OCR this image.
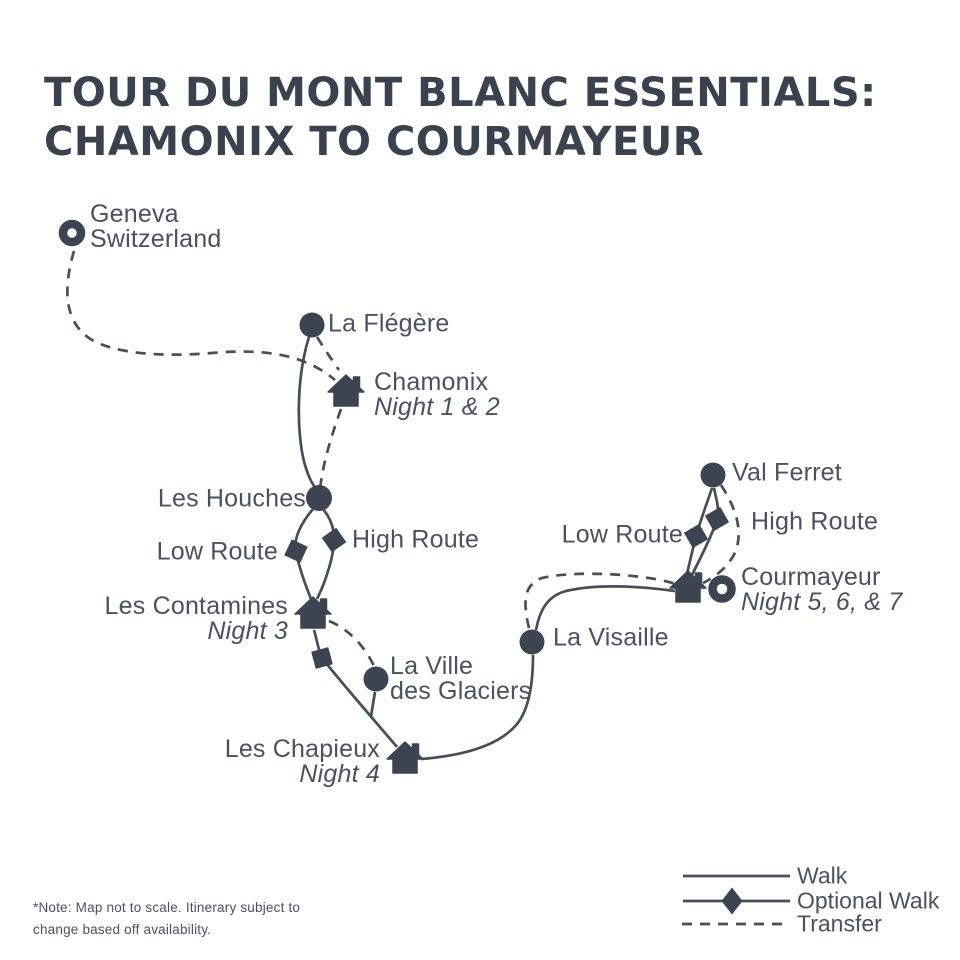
TOUR DU MONT BLANC ESSENTIALS:
CHAMONIX TO COURMAYEUR
Geneva
Switzerland
La Flégère
Chamonix
Night 1 & 2
Les Houches
High Route
Low Route
Les Contamines
Night 3
La Ville
des Glaciers
Les Chapieux
Night 4
La Visaille
Val Ferret
Low Route	High Route
Courmayeur
Night 5, 6, & 7
Walk
Optional Walk
Transfer
*Note: Map not to scale. Itinerary subject to
change based off availability.
